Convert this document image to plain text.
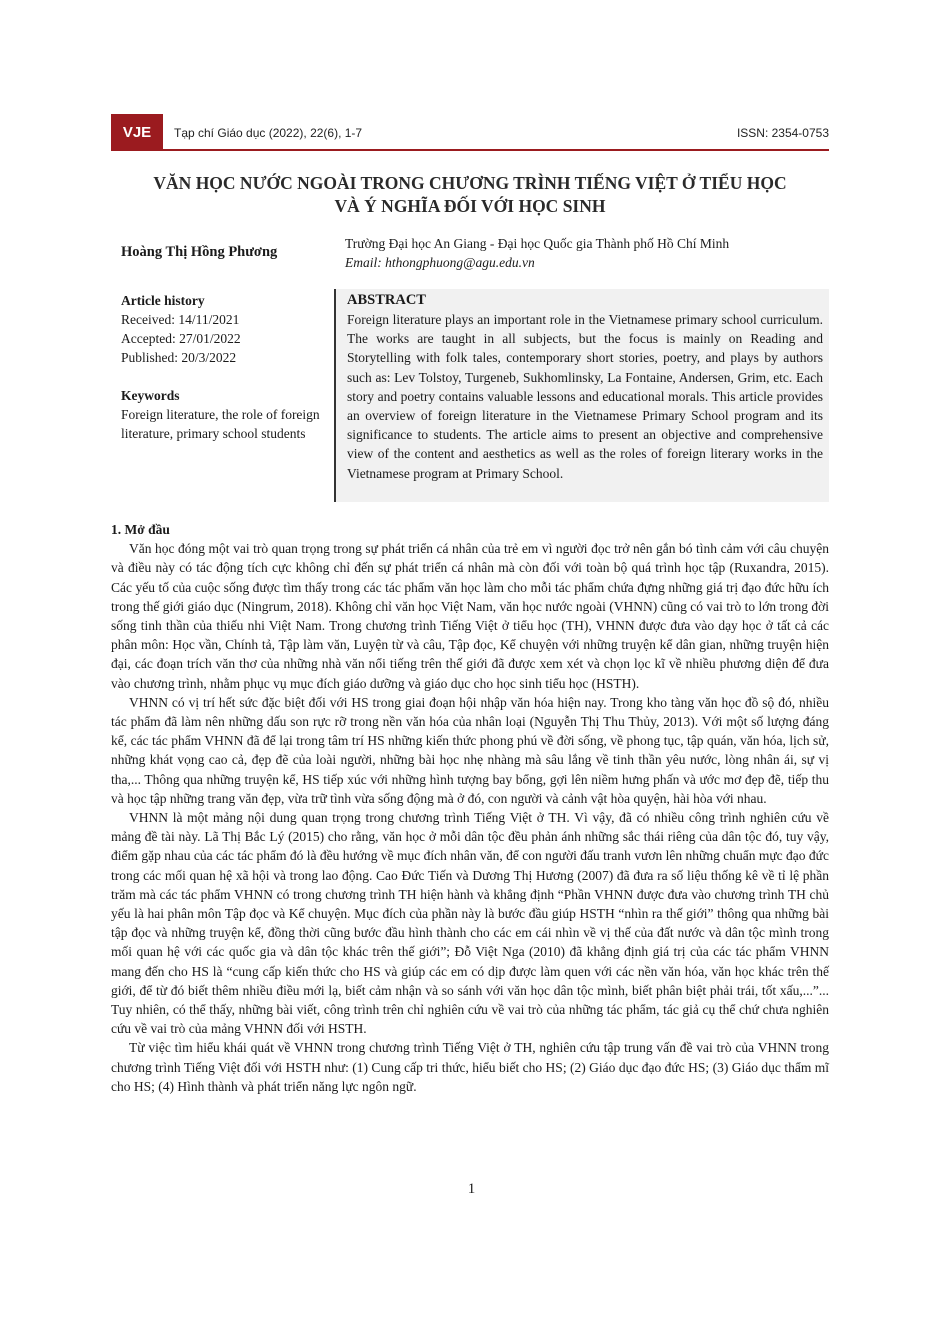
VJE	Tạp chí Giáo dục (2022), 22(6), 1-7	ISSN: 2354-0753
VĂN HỌC NƯỚC NGOÀI TRONG CHƯƠNG TRÌNH TIẾNG VIỆT Ở TIỂU HỌC
VÀ Ý NGHĨA ĐỐI VỚI HỌC SINH
Hoàng Thị Hồng Phương
Trường Đại học An Giang - Đại học Quốc gia Thành phố Hồ Chí Minh
Email: hthongphuong@agu.edu.vn
Article history
Received: 14/11/2021
Accepted: 27/01/2022
Published: 20/3/2022
Keywords
Foreign literature, the role of foreign literature, primary school students
ABSTRACT
Foreign literature plays an important role in the Vietnamese primary school curriculum. The works are taught in all subjects, but the focus is mainly on Reading and Storytelling with folk tales, contemporary short stories, poetry, and plays by authors such as: Lev Tolstoy, Turgeneb, Sukhomlinsky, La Fontaine, Andersen, Grim, etc. Each story and poetry contains valuable lessons and educational morals. This article provides an overview of foreign literature in the Vietnamese Primary School program and its significance to students. The article aims to present an objective and comprehensive view of the content and aesthetics as well as the roles of foreign literary works in the Vietnamese program at Primary School.
1. Mở đầu

Văn học đóng một vai trò quan trọng trong sự phát triển cá nhân của trẻ em vì người đọc trở nên gắn bó tình cảm với câu chuyện và điều này có tác động tích cực không chỉ đến sự phát triển cá nhân mà còn đối với toàn bộ quá trình học tập (Ruxandra, 2015). Các yếu tố của cuộc sống được tìm thấy trong các tác phẩm văn học làm cho mỗi tác phẩm chứa đựng những giá trị đạo đức hữu ích trong thế giới giáo dục (Ningrum, 2018). Không chỉ văn học Việt Nam, văn học nước ngoài (VHNN) cũng có vai trò to lớn trong đời sống tinh thần của thiếu nhi Việt Nam. Trong chương trình Tiếng Việt ở tiểu học (TH), VHNN được đưa vào dạy học ở tất cả các phân môn: Học vần, Chính tả, Tập làm văn, Luyện từ và câu, Tập đọc, Kể chuyện với những truyện kể dân gian, những truyện hiện đại, các đoạn trích văn thơ của những nhà văn nổi tiếng trên thế giới đã được xem xét và chọn lọc kĩ về nhiều phương diện để đưa vào chương trình, nhằm phục vụ mục đích giáo dưỡng và giáo dục cho học sinh tiểu học (HSTH).

VHNN có vị trí hết sức đặc biệt đối với HS trong giai đoạn hội nhập văn hóa hiện nay. Trong kho tàng văn học đồ sộ đó, nhiều tác phẩm đã làm nên những dấu son rực rỡ trong nền văn hóa của nhân loại (Nguyễn Thị Thu Thủy, 2013). Với một số lượng đáng kể, các tác phẩm VHNN đã để lại trong tâm trí HS những kiến thức phong phú về đời sống, về phong tục, tập quán, văn hóa, lịch sử, những khát vọng cao cả, đẹp đẽ của loài người, những bài học nhẹ nhàng mà sâu lắng về tinh thần yêu nước, lòng nhân ái, sự vị tha,... Thông qua những truyện kể, HS tiếp xúc với những hình tượng bay bổng, gợi lên niềm hưng phấn và ước mơ đẹp đẽ, tiếp thu và học tập những trang văn đẹp, vừa trữ tình vừa sống động mà ở đó, con người và cảnh vật hòa quyện, hài hòa với nhau.

VHNN là một mảng nội dung quan trọng trong chương trình Tiếng Việt ở TH. Vì vậy, đã có nhiều công trình nghiên cứu về mảng đề tài này. Lã Thị Bắc Lý (2015) cho rằng, văn học ở mỗi dân tộc đều phản ánh những sắc thái riêng của dân tộc đó, tuy vậy, điểm gặp nhau của các tác phẩm đó là đều hướng về mục đích nhân văn, để con người đấu tranh vươn lên những chuẩn mực đạo đức trong các mối quan hệ xã hội và trong lao động. Cao Đức Tiến và Dương Thị Hương (2007) đã đưa ra số liệu thống kê về tỉ lệ phần trăm mà các tác phẩm VHNN có trong chương trình TH hiện hành và khẳng định “Phần VHNN được đưa vào chương trình TH chủ yếu là hai phân môn Tập đọc và Kể chuyện. Mục đích của phần này là bước đầu giúp HSTH “nhìn ra thế giới” thông qua những bài tập đọc và những truyện kể, đồng thời cũng bước đầu hình thành cho các em cái nhìn về vị thế của đất nước và dân tộc mình trong mối quan hệ với các quốc gia và dân tộc khác trên thế giới”; Đỗ Việt Nga (2010) đã khẳng định giá trị của các tác phẩm VHNN mang đến cho HS là “cung cấp kiến thức cho HS và giúp các em có dịp được làm quen với các nền văn hóa, văn học khác trên thế giới, để từ đó biết thêm nhiều điều mới lạ, biết cảm nhận và so sánh với văn học dân tộc mình, biết phân biệt phải trái, tốt xấu,...”... Tuy nhiên, có thể thấy, những bài viết, công trình trên chỉ nghiên cứu về vai trò của những tác phẩm, tác giả cụ thể chứ chưa nghiên cứu về vai trò của mảng VHNN đối với HSTH.

Từ việc tìm hiểu khái quát về VHNN trong chương trình Tiếng Việt ở TH, nghiên cứu tập trung vấn đề vai trò của VHNN trong chương trình Tiếng Việt đối với HSTH như: (1) Cung cấp tri thức, hiểu biết cho HS; (2) Giáo dục đạo đức HS; (3) Giáo dục thẩm mĩ cho HS; (4) Hình thành và phát triển năng lực ngôn ngữ.

1
